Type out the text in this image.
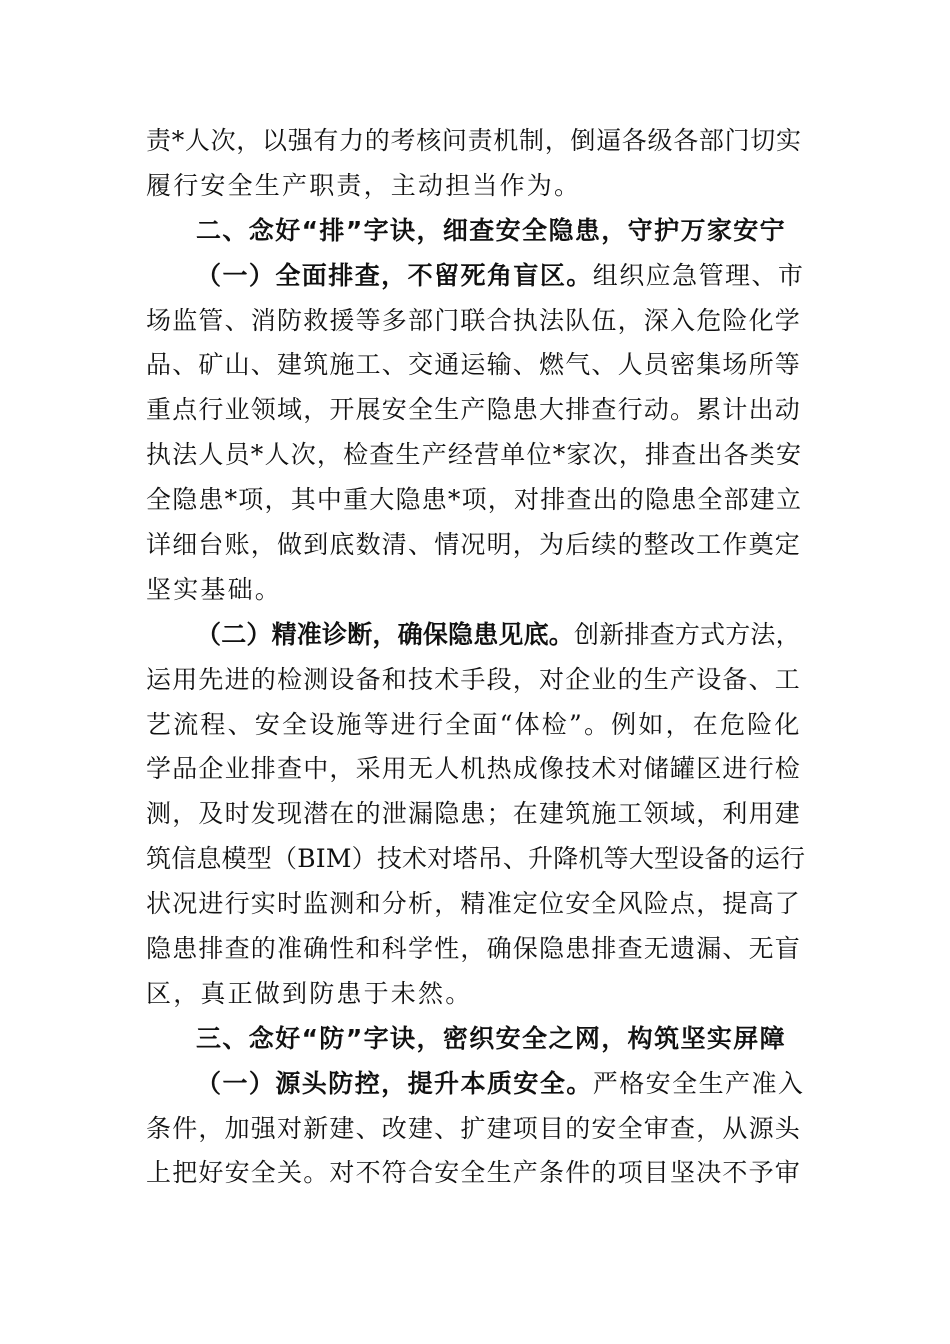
责*人次，以强有力的考核问责机制，倒逼各级各部门切实
履行安全生产职责，主动担当作为。
二、念好“排”字诀，细查安全隐患，守护万家安宁
（一）全面排查，不留死角盲区。组织应急管理、市
场监管、消防救援等多部门联合执法队伍，深入危险化学
品、矿山、建筑施工、交通运输、燃气、人员密集场所等
重点行业领域，开展安全生产隐患大排查行动。累计出动
执法人员*人次，检查生产经营单位*家次，排查出各类安
全隐患*项，其中重大隐患*项，对排查出的隐患全部建立
详细台账，做到底数清、情况明，为后续的整改工作奠定
坚实基础。
（二）精准诊断，确保隐患见底。创新排查方式方法，
运用先进的检测设备和技术手段，对企业的生产设备、工
艺流程、安全设施等进行全面“体检”。例如，在危险化
学品企业排查中，采用无人机热成像技术对储罐区进行检
测，及时发现潜在的泄漏隐患；在建筑施工领域，利用建
筑信息模型（BIM）技术对塔吊、升降机等大型设备的运行
状况进行实时监测和分析，精准定位安全风险点，提高了
隐患排查的准确性和科学性，确保隐患排查无遗漏、无盲
区，真正做到防患于未然。
三、念好“防”字诀，密织安全之网，构筑坚实屏障
（一）源头防控，提升本质安全。严格安全生产准入
条件，加强对新建、改建、扩建项目的安全审查，从源头
上把好安全关。对不符合安全生产条件的项目坚决不予审
